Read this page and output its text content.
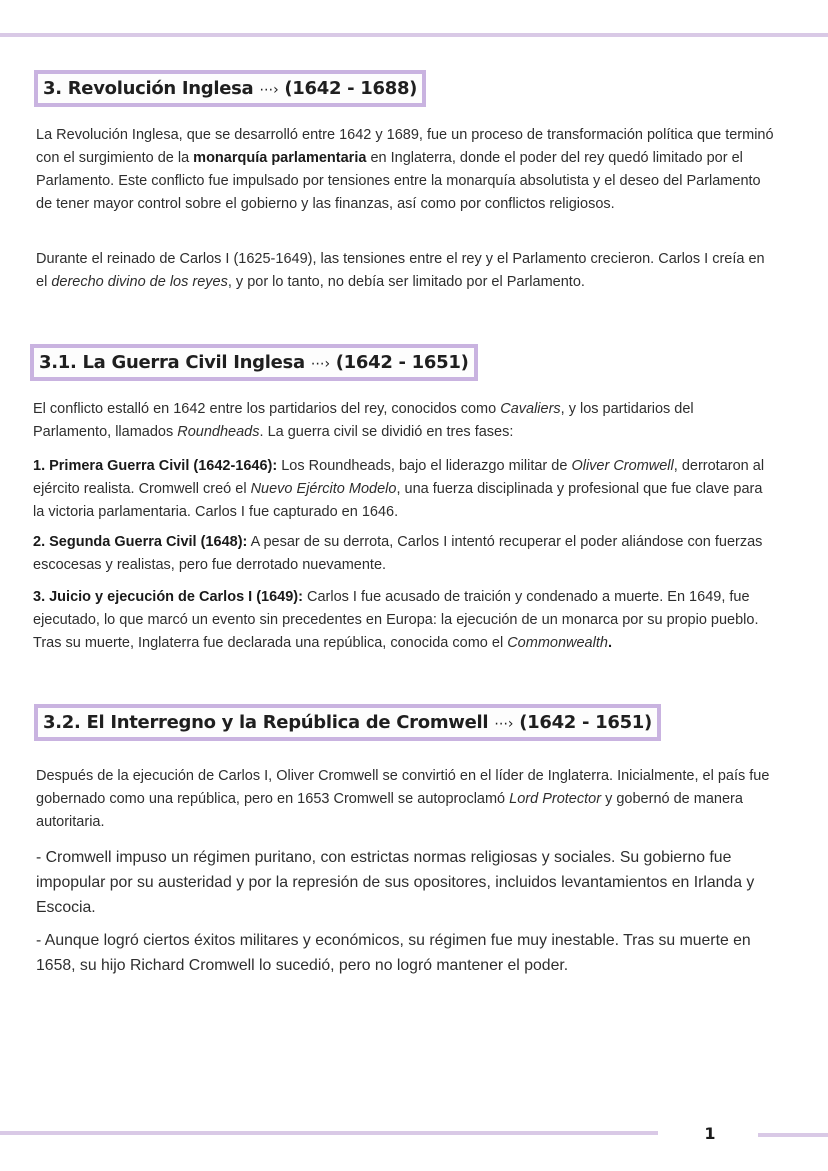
3. Revolución Inglesa ⋯› (1642 - 1688)

La Revolución Inglesa, que se desarrolló entre 1642 y 1689, fue un proceso de transformación política que terminó con el surgimiento de la monarquía parlamentaria en Inglaterra, donde el poder del rey quedó limitado por el Parlamento. Este conflicto fue impulsado por tensiones entre la monarquía absolutista y el deseo del Parlamento de tener mayor control sobre el gobierno y las finanzas, así como por conflictos religiosos.

Durante el reinado de Carlos I (1625-1649), las tensiones entre el rey y el Parlamento crecieron. Carlos I creía en el derecho divino de los reyes, y por lo tanto, no debía ser limitado por el Parlamento.

3.1. La Guerra Civil Inglesa ⋯› (1642 - 1651)

El conflicto estalló en 1642 entre los partidarios del rey, conocidos como Cavaliers, y los partidarios del Parlamento, llamados Roundheads. La guerra civil se dividió en tres fases:

1. Primera Guerra Civil (1642-1646): Los Roundheads, bajo el liderazgo militar de Oliver Cromwell, derrotaron al ejército realista. Cromwell creó el Nuevo Ejército Modelo, una fuerza disciplinada y profesional que fue clave para la victoria parlamentaria. Carlos I fue capturado en 1646.

2. Segunda Guerra Civil (1648): A pesar de su derrota, Carlos I intentó recuperar el poder aliándose con fuerzas escocesas y realistas, pero fue derrotado nuevamente.

3. Juicio y ejecución de Carlos I (1649): Carlos I fue acusado de traición y condenado a muerte. En 1649, fue ejecutado, lo que marcó un evento sin precedentes en Europa: la ejecución de un monarca por su propio pueblo. Tras su muerte, Inglaterra fue declarada una república, conocida como el Commonwealth.

3.2. El Interregno y la República de Cromwell ⋯› (1642 - 1651)

Después de la ejecución de Carlos I, Oliver Cromwell se convirtió en el líder de Inglaterra. Inicialmente, el país fue gobernado como una república, pero en 1653 Cromwell se autoproclamó Lord Protector y gobernó de manera autoritaria.

- Cromwell impuso un régimen puritano, con estrictas normas religiosas y sociales. Su gobierno fue impopular por su austeridad y por la represión de sus opositores, incluidos levantamientos en Irlanda y Escocia.

- Aunque logró ciertos éxitos militares y económicos, su régimen fue muy inestable. Tras su muerte en 1658, su hijo Richard Cromwell lo sucedió, pero no logró mantener el poder.

1
